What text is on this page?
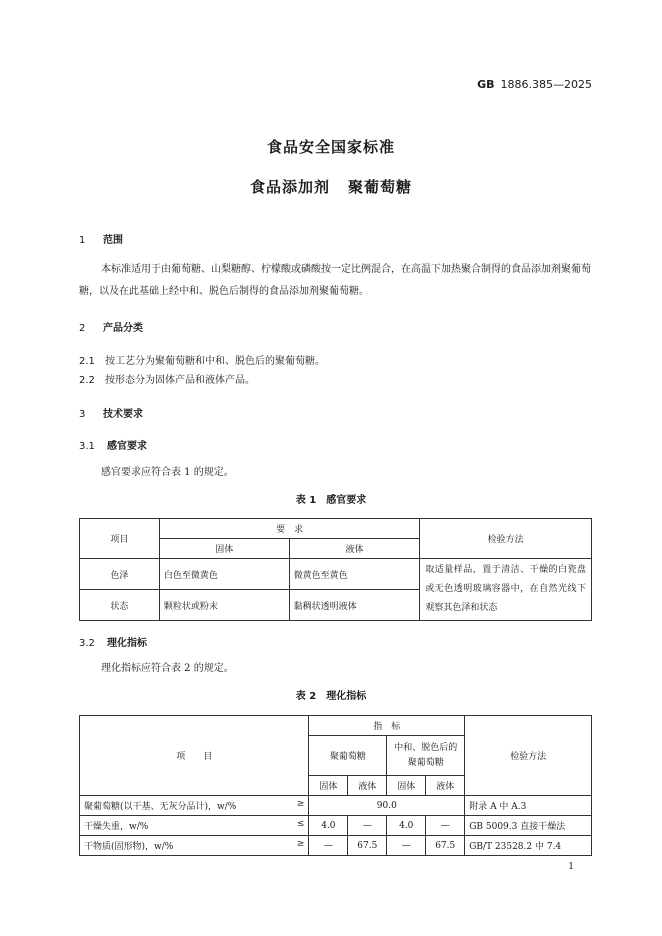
GB 1886.385—2025
食品安全国家标准
食品添加剂 聚葡萄糖
1 范围
本标准适用于由葡萄糖、山梨糖醇、柠檬酸或磷酸按一定比例混合，在高温下加热聚合制得的食品添加剂聚葡萄糖，以及在此基础上经中和、脱色后制得的食品添加剂聚葡萄糖。
2 产品分类
2.1 按工艺分为聚葡萄糖和中和、脱色后的聚葡萄糖。
2.2 按形态分为固体产品和液体产品。
3 技术要求
3.1 感官要求
感官要求应符合表 1 的规定。
表 1　感官要求
项目	要　求		检验方法
	固体	液体	
色泽	白色至微黄色	微黄色至黄色	取适量样品，置于清洁、干燥的白瓷盘或无色透明玻璃容器中，在自然光线下观察其色泽和状态
状态	颗粒状或粉末	黏稠状透明液体	
3.2 理化指标
理化指标应符合表 2 的规定。
表 2　理化指标
项　　目	指　标				检验方法
	聚葡萄糖		中和、脱色后的聚葡萄糖		
	固体	液体	固体	液体	
聚葡萄糖(以干基、无灰分品计)，w/% ≥	90.0				附录 A 中 A.3
干燥失重，w/% ≤	4.0	—	4.0	—	GB 5009.3 直接干燥法
干物质(固形物)，w/% ≥	—	67.5	—	67.5	GB/T 23528.2 中 7.4
1
